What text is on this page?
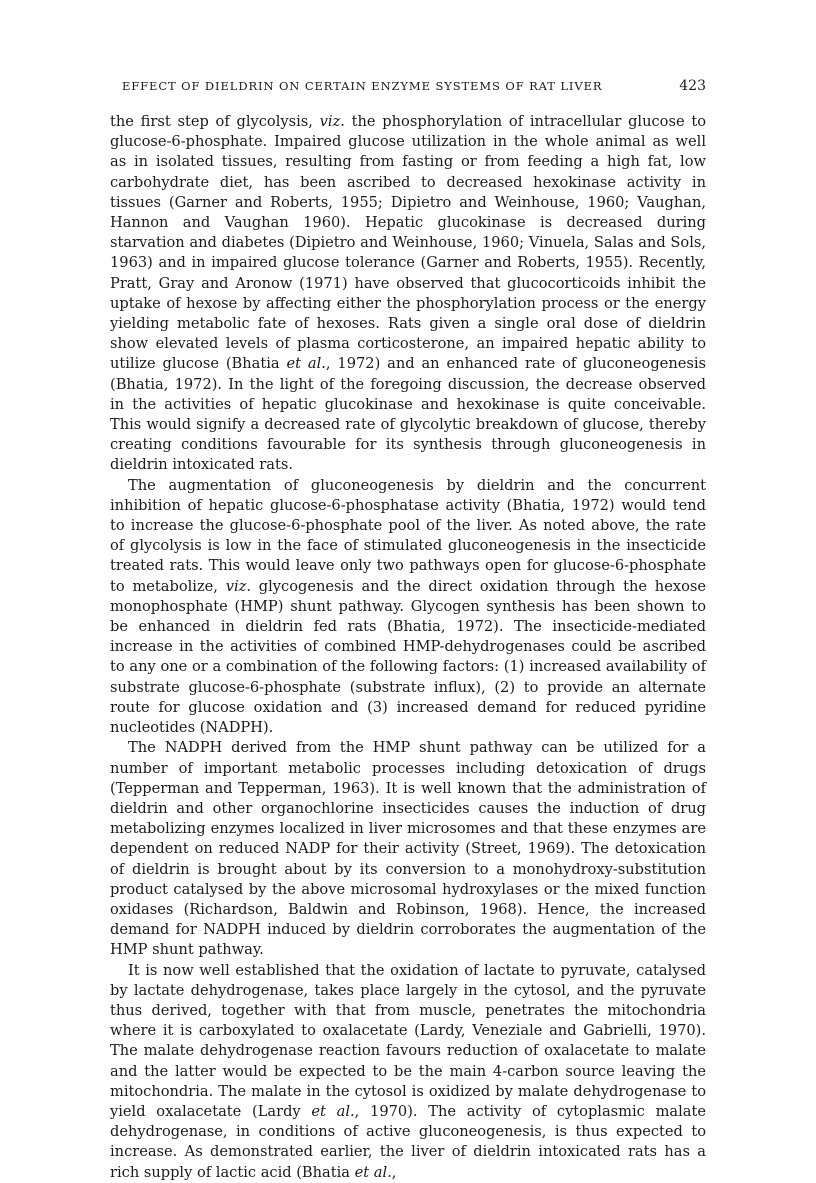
EFFECT OF DIELDRIN ON CERTAIN ENZYME SYSTEMS OF RAT LIVER	423

the first step of glycolysis, viz. the phosphorylation of intracellular glucose to glucose-6-phosphate. Impaired glucose utilization in the whole animal as well as in isolated tissues, resulting from fasting or from feeding a high fat, low carbohydrate diet, has been ascribed to decreased hexokinase activity in tissues (Garner and Roberts, 1955; Dipietro and Weinhouse, 1960; Vaughan, Hannon and Vaughan 1960). Hepatic glucokinase is decreased during starvation and diabetes (Dipietro and Weinhouse, 1960; Vinuela, Salas and Sols, 1963) and in impaired glucose tolerance (Garner and Roberts, 1955). Recently, Pratt, Gray and Aronow (1971) have observed that glucocorticoids inhibit the uptake of hexose by affecting either the phosphorylation process or the energy yielding metabolic fate of hexoses. Rats given a single oral dose of dieldrin show elevated levels of plasma corticosterone, an impaired hepatic ability to utilize glucose (Bhatia et al., 1972) and an enhanced rate of gluconeogenesis (Bhatia, 1972). In the light of the foregoing discussion, the decrease observed in the activities of hepatic glucokinase and hexokinase is quite conceivable. This would signify a decreased rate of glycolytic breakdown of glucose, thereby creating conditions favourable for its synthesis through gluconeogenesis in dieldrin intoxicated rats.

The augmentation of gluconeogenesis by dieldrin and the concurrent inhibition of hepatic glucose-6-phosphatase activity (Bhatia, 1972) would tend to increase the glucose-6-phosphate pool of the liver. As noted above, the rate of glycolysis is low in the face of stimulated gluconeogenesis in the insecticide treated rats. This would leave only two pathways open for glucose-6-phosphate to metabolize, viz. glycogenesis and the direct oxidation through the hexose monophosphate (HMP) shunt pathway. Glycogen synthesis has been shown to be enhanced in dieldrin fed rats (Bhatia, 1972). The insecticide-mediated increase in the activities of combined HMP-dehydrogenases could be ascribed to any one or a combination of the following factors: (1) increased availability of substrate glucose-6-phosphate (substrate influx), (2) to provide an alternate route for glucose oxidation and (3) increased demand for reduced pyridine nucleotides (NADPH).

The NADPH derived from the HMP shunt pathway can be utilized for a number of important metabolic processes including detoxication of drugs (Tepperman and Tepperman, 1963). It is well known that the administration of dieldrin and other organochlorine insecticides causes the induction of drug metabolizing enzymes localized in liver microsomes and that these enzymes are dependent on reduced NADP for their activity (Street, 1969). The detoxication of dieldrin is brought about by its conversion to a monohydroxy-substitution product catalysed by the above microsomal hydroxylases or the mixed function oxidases (Richardson, Baldwin and Robinson, 1968). Hence, the increased demand for NADPH induced by dieldrin corroborates the augmentation of the HMP shunt pathway.

It is now well established that the oxidation of lactate to pyruvate, catalysed by lactate dehydrogenase, takes place largely in the cytosol, and the pyruvate thus derived, together with that from muscle, penetrates the mitochondria where it is carboxylated to oxalacetate (Lardy, Veneziale and Gabrielli, 1970). The malate dehydrogenase reaction favours reduction of oxalacetate to malate and the latter would be expected to be the main 4-carbon source leaving the mitochondria. The malate in the cytosol is oxidized by malate dehydrogenase to yield oxalacetate (Lardy et al., 1970). The activity of cytoplasmic malate dehydrogenase, in conditions of active gluconeogenesis, is thus expected to increase. As demonstrated earlier, the liver of dieldrin intoxicated rats has a rich supply of lactic acid (Bhatia et al.,
